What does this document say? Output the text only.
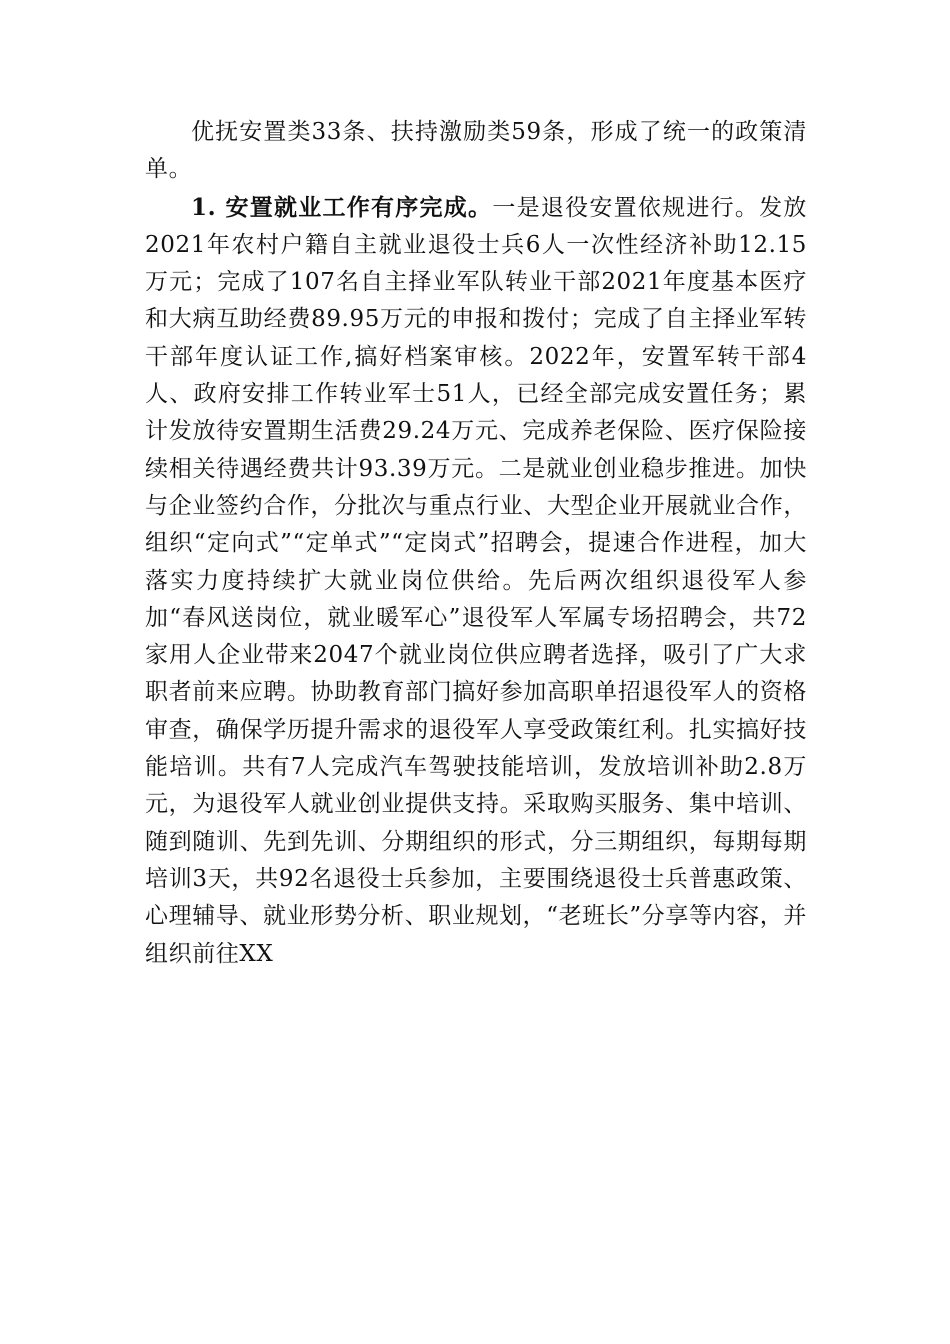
优抚安置类33条、扶持激励类59条，形成了统一的政策清单。

1. 安置就业工作有序完成。一是退役安置依规进行。发放2021年农村户籍自主就业退役士兵6人一次性经济补助12.15万元；完成了107名自主择业军队转业干部2021年度基本医疗和大病互助经费89.95万元的申报和拨付；完成了自主择业军转干部年度认证工作,搞好档案审核。2022年，安置军转干部4人、政府安排工作转业军士51人，已经全部完成安置任务；累计发放待安置期生活费29.24万元、完成养老保险、医疗保险接续相关待遇经费共计93.39万元。二是就业创业稳步推进。加快与企业签约合作，分批次与重点行业、大型企业开展就业合作，组织“定向式”“定单式”“定岗式”招聘会，提速合作进程，加大落实力度持续扩大就业岗位供给。先后两次组织退役军人参加“春风送岗位，就业暖军心”退役军人军属专场招聘会，共72家用人企业带来2047个就业岗位供应聘者选择，吸引了广大求职者前来应聘。协助教育部门搞好参加高职单招退役军人的资格审查，确保学历提升需求的退役军人享受政策红利。扎实搞好技能培训。共有7人完成汽车驾驶技能培训，发放培训补助2.8万元，为退役军人就业创业提供支持。采取购买服务、集中培训、随到随训、先到先训、分期组织的形式，分三期组织，每期每期培训3天，共92名退役士兵参加，主要围绕退役士兵普惠政策、心理辅导、就业形势分析、职业规划，“老班长”分享等内容，并组织前往XX
